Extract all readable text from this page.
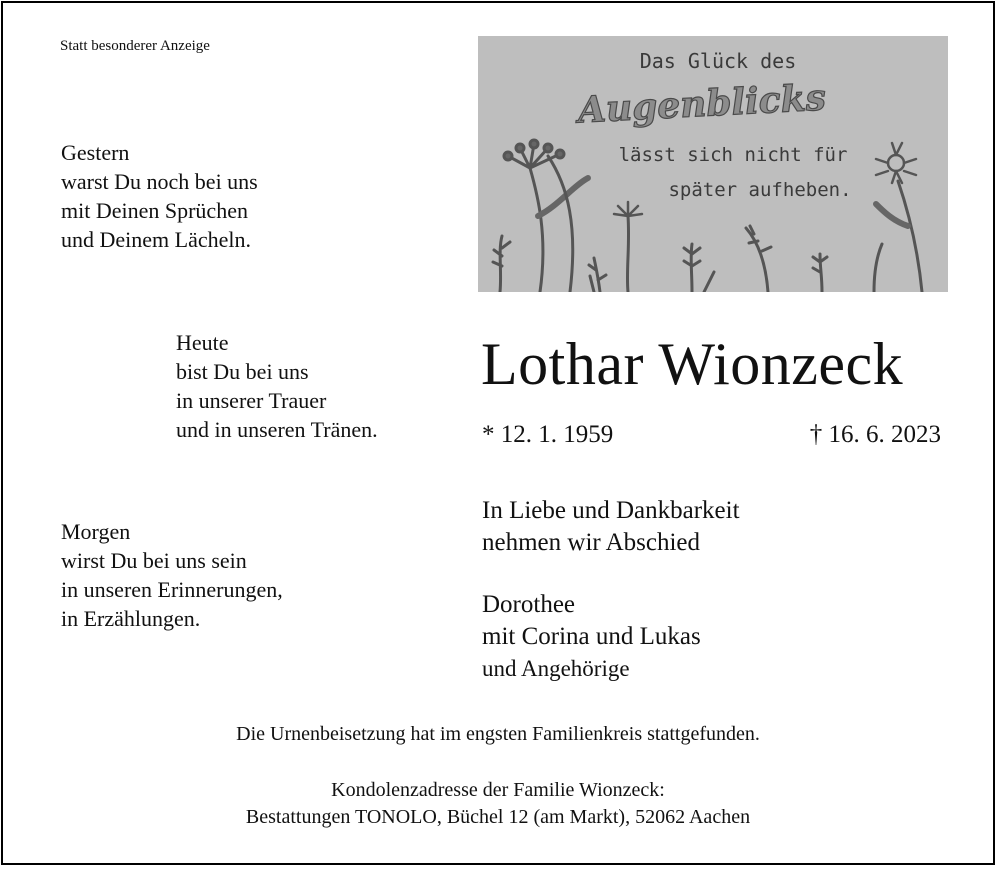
Statt besonderer Anzeige
Gestern
warst Du noch bei uns
mit Deinen Sprüchen
und Deinem Lächeln.
Heute
bist Du bei uns
in unserer Trauer
und in unseren Tränen.
Morgen
wirst Du bei uns sein
in unseren Erinnerungen,
in Erzählungen.
Das Glück des
Augenblicks
lässt sich nicht für
später aufheben.
Lothar Wionzeck
* 12. 1. 1959	† 16. 6. 2023
In Liebe und Dankbarkeit
nehmen wir Abschied
Dorothee
mit Corina und Lukas
und Angehörige
Die Urnenbeisetzung hat im engsten Familienkreis stattgefunden.
Kondolenzadresse der Familie Wionzeck:
Bestattungen TONOLO, Büchel 12 (am Markt), 52062 Aachen
